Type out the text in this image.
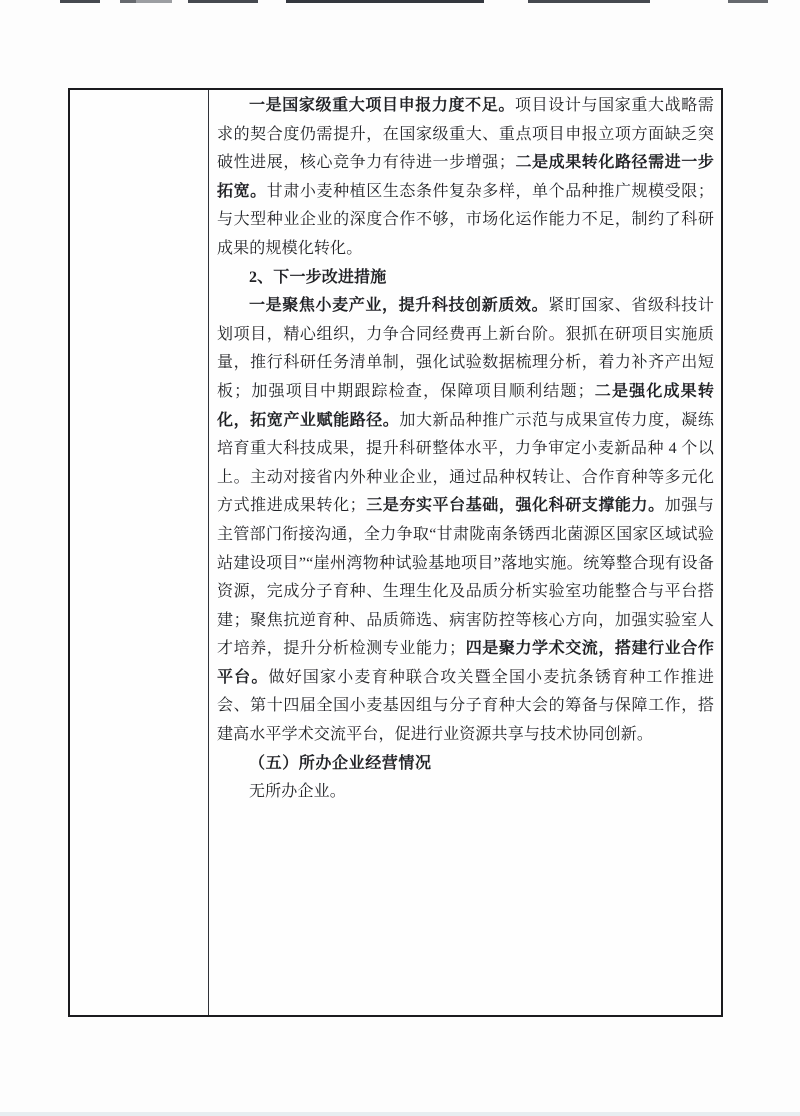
一是国家级重大项目申报力度不足。项目设计与国家重大战略需求的契合度仍需提升，在国家级重大、重点项目申报立项方面缺乏突破性进展，核心竞争力有待进一步增强；二是成果转化路径需进一步拓宽。甘肃小麦种植区生态条件复杂多样，单个品种推广规模受限；与大型种业企业的深度合作不够，市场化运作能力不足，制约了科研成果的规模化转化。

2、下一步改进措施

一是聚焦小麦产业，提升科技创新质效。紧盯国家、省级科技计划项目，精心组织，力争合同经费再上新台阶。狠抓在研项目实施质量，推行科研任务清单制，强化试验数据梳理分析，着力补齐产出短板；加强项目中期跟踪检查，保障项目顺利结题；二是强化成果转化，拓宽产业赋能路径。加大新品种推广示范与成果宣传力度，凝练培育重大科技成果，提升科研整体水平，力争审定小麦新品种 4 个以上。主动对接省内外种业企业，通过品种权转让、合作育种等多元化方式推进成果转化；三是夯实平台基础，强化科研支撑能力。加强与主管部门衔接沟通，全力争取“甘肃陇南条锈西北菌源区国家区域试验站建设项目”“崖州湾物种试验基地项目”落地实施。统筹整合现有设备资源，完成分子育种、生理生化及品质分析实验室功能整合与平台搭建；聚焦抗逆育种、品质筛选、病害防控等核心方向，加强实验室人才培养，提升分析检测专业能力；四是聚力学术交流，搭建行业合作平台。做好国家小麦育种联合攻关暨全国小麦抗条锈育种工作推进会、第十四届全国小麦基因组与分子育种大会的筹备与保障工作，搭建高水平学术交流平台，促进行业资源共享与技术协同创新。

（五）所办企业经营情况

无所办企业。
